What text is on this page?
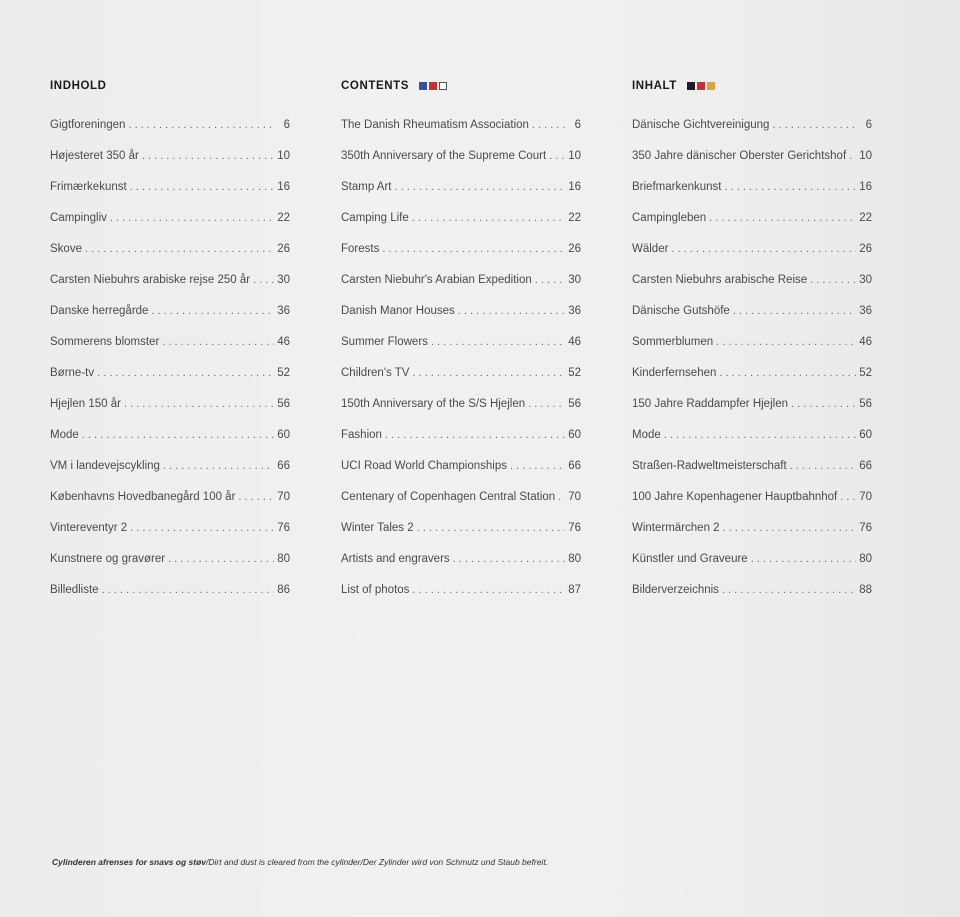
INDHOLD
Gigtforeningen . . .	6
Højesteret 350 år . . .	10
Frimærkekunst . . .	16
Campingliv . . .	22
Skove . . .	26
Carsten Niebuhrs arabiske rejse 250 år . . . 30
Danske herregårde . . .	36
Sommerens blomster . . .	46
Børne-tv . . .	52
Hjejlen 150 år . . .	56
Mode . . .	60
VM i landevejscykling . . .	66
Københavns Hovedbanegård 100 år . . .	70
Vintereventyr 2 . . .	76
Kunstnere og gravører . . .	80
Billedliste . . .	86
CONTENTS
The Danish Rheumatism Association . . .	6
350th Anniversary of the Supreme Court . . . 10
Stamp Art . . .	16
Camping Life . . .	22
Forests . . .	26
Carsten Niebuhr's Arabian Expedition . . .	30
Danish Manor Houses . . .	36
Summer Flowers . . .	46
Children's TV . . .	52
150th Anniversary of the S/S Hjejlen . . .	56
Fashion . . .	60
UCI Road World Championships . . .	66
Centenary of Copenhagen Central Station . . . 70
Winter Tales 2 . . .	76
Artists and engravers . . .	80
List of photos . . .	87
INHALT
Dänische Gichtvereinigung . . .	6
350 Jahre dänischer Oberster Gerichtshof . . . 10
Briefmarkenkunst . . .	16
Campingleben . . .	22
Wälder . . .	26
Carsten Niebuhrs arabische Reise . . .	30
Dänische Gutshöfe . . .	36
Sommerblumen . . .	46
Kinderfernsehen . . .	52
150 Jahre Raddampfer Hjejlen . . .	56
Mode . . .	60
Straßen-Radweltmeisterschaft . . .	66
100 Jahre Kopenhagener Hauptbahnhof . . . 70
Wintermärchen 2 . . .	76
Künstler und Graveure . . .	80
Bilderverzeichnis . . .	88
Cylinderen afrenses for snavs og støv/Dirt and dust is cleared from the cylinder/Der Zylinder wird von Schmutz und Staub befreit.
